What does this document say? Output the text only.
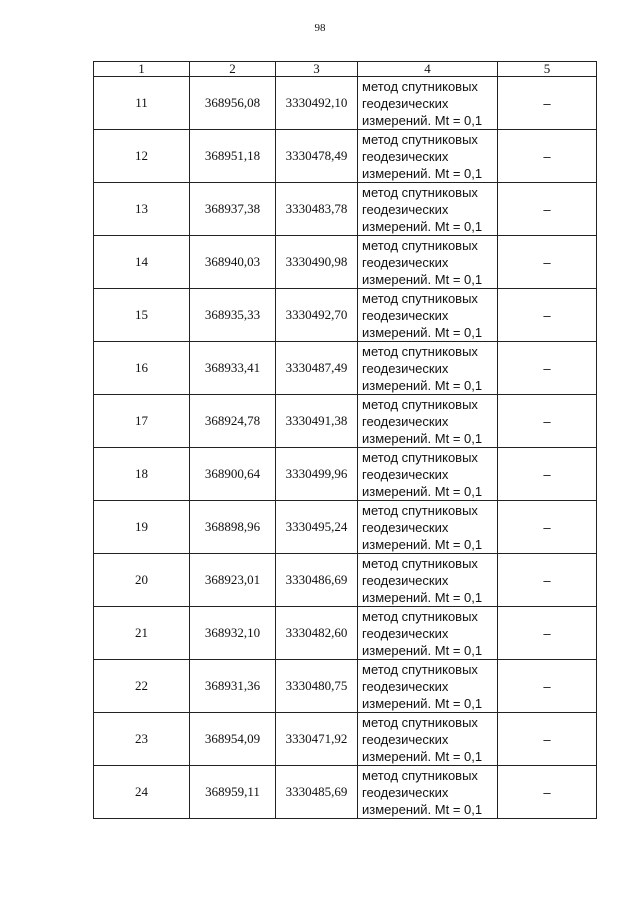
98
1	2	3	4	5
11	368956,08	3330492,10	метод спутниковых
геодезических
измерений. Mt = 0,1	–
12	368951,18	3330478,49	метод спутниковых
геодезических
измерений. Mt = 0,1	–
13	368937,38	3330483,78	метод спутниковых
геодезических
измерений. Mt = 0,1	–
14	368940,03	3330490,98	метод спутниковых
геодезических
измерений. Mt = 0,1	–
15	368935,33	3330492,70	метод спутниковых
геодезических
измерений. Mt = 0,1	–
16	368933,41	3330487,49	метод спутниковых
геодезических
измерений. Mt = 0,1	–
17	368924,78	3330491,38	метод спутниковых
геодезических
измерений. Mt = 0,1	–
18	368900,64	3330499,96	метод спутниковых
геодезических
измерений. Mt = 0,1	–
19	368898,96	3330495,24	метод спутниковых
геодезических
измерений. Mt = 0,1	–
20	368923,01	3330486,69	метод спутниковых
геодезических
измерений. Mt = 0,1	–
21	368932,10	3330482,60	метод спутниковых
геодезических
измерений. Mt = 0,1	–
22	368931,36	3330480,75	метод спутниковых
геодезических
измерений. Mt = 0,1	–
23	368954,09	3330471,92	метод спутниковых
геодезических
измерений. Mt = 0,1	–
24	368959,11	3330485,69	метод спутниковых
геодезических
измерений. Mt = 0,1	–
